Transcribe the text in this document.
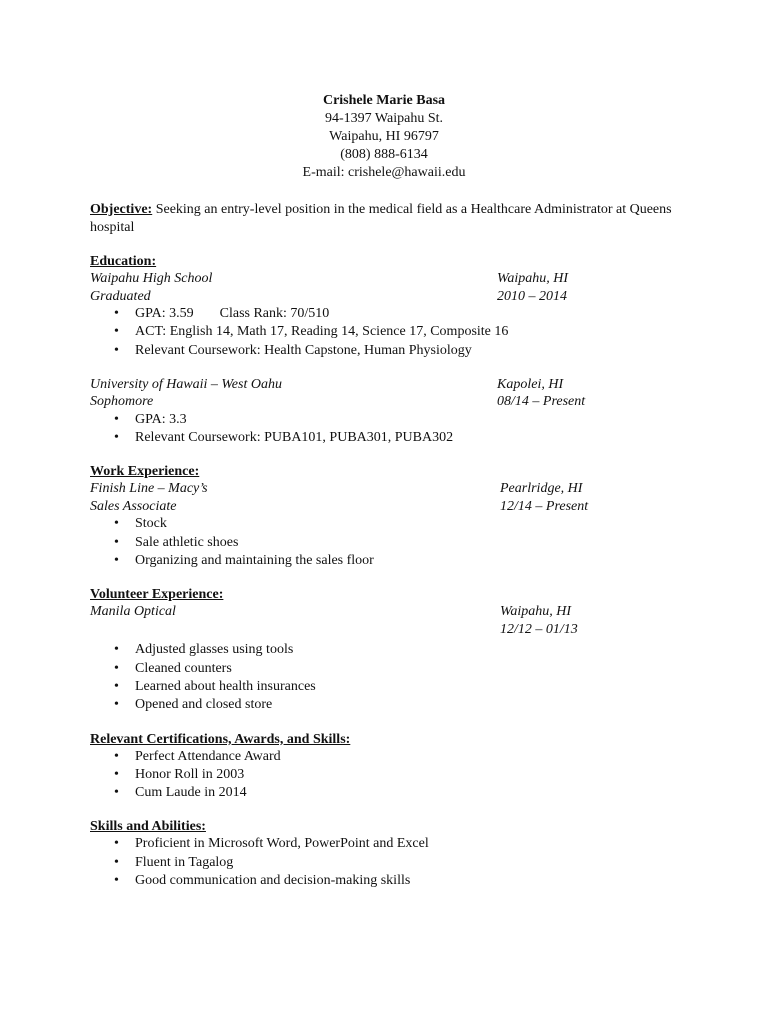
Crishele Marie Basa
94-1397 Waipahu St.
Waipahu, HI 96797
(808) 888-6134
E-mail: crishele@hawaii.edu
Objective: Seeking an entry-level position in the medical field as a Healthcare Administrator at Queens hospital
Education:
Waipahu High School	Waipahu, HI
Graduated	2010 – 2014
• GPA: 3.59 Class Rank: 70/510
• ACT: English 14, Math 17, Reading 14, Science 17, Composite 16
• Relevant Coursework: Health Capstone, Human Physiology
University of Hawaii – West Oahu	Kapolei, HI
Sophomore	08/14 – Present
• GPA: 3.3
• Relevant Coursework: PUBA101, PUBA301, PUBA302
Work Experience:
Finish Line – Macy’s	Pearlridge, HI
Sales Associate	12/14 – Present
• Stock
• Sale athletic shoes
• Organizing and maintaining the sales floor
Volunteer Experience:
Manila Optical	Waipahu, HI
12/12 – 01/13
• Adjusted glasses using tools
• Cleaned counters
• Learned about health insurances
• Opened and closed store
Relevant Certifications, Awards, and Skills:
• Perfect Attendance Award
• Honor Roll in 2003
• Cum Laude in 2014
Skills and Abilities:
• Proficient in Microsoft Word, PowerPoint and Excel
• Fluent in Tagalog
• Good communication and decision-making skills
